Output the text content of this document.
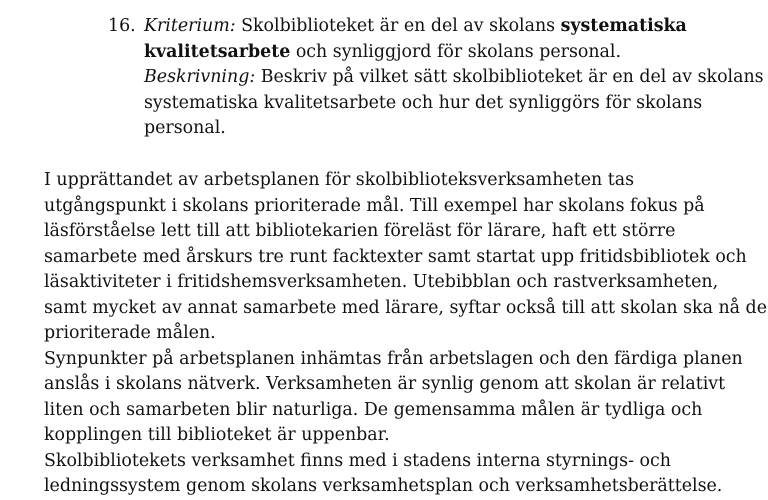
16. Kriterium: Skolbiblioteket är en del av skolans systematiska
kvalitetsarbete och synliggjord för skolans personal.
Beskrivning: Beskriv på vilket sätt skolbiblioteket är en del av skolans
systematiska kvalitetsarbete och hur det synliggörs för skolans
personal.

I upprättandet av arbetsplanen för skolbiblioteksverksamheten tas
utgångspunkt i skolans prioriterade mål. Till exempel har skolans fokus på
läsförståelse lett till att bibliotekarien föreläst för lärare, haft ett större
samarbete med årskurs tre runt facktexter samt startat upp fritidsbibliotek och
läsaktiviteter i fritidshemsverksamheten. Utebibblan och rastverksamheten,
samt mycket av annat samarbete med lärare, syftar också till att skolan ska nå de
prioriterade målen.

Synpunkter på arbetsplanen inhämtas från arbetslagen och den färdiga planen
anslås i skolans nätverk. Verksamheten är synlig genom att skolan är relativt
liten och samarbeten blir naturliga. De gemensamma målen är tydliga och
kopplingen till biblioteket är uppenbar.

Skolbibliotekets verksamhet finns med i stadens interna styrnings- och
ledningssystem genom skolans verksamhetsplan och verksamhetsberättelse.
